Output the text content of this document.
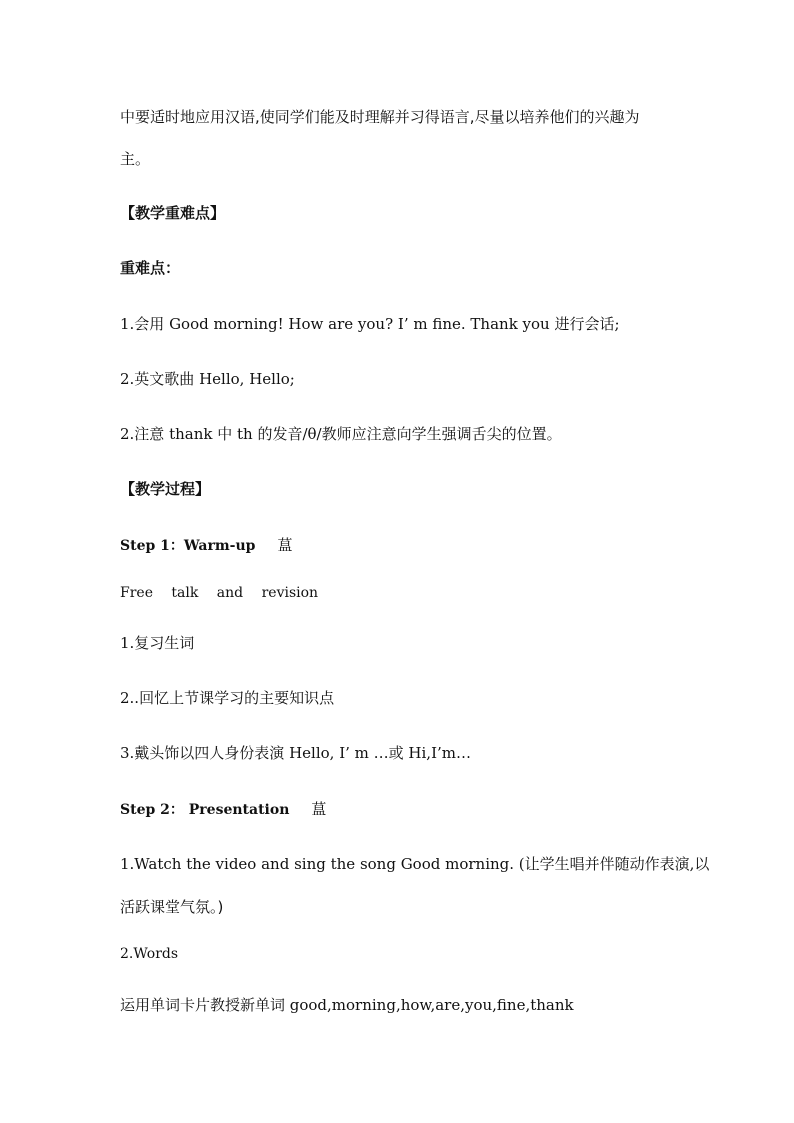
中要适时地应用汉语,使同学们能及时理解并习得语言,尽量以培养他们的兴趣为
主。
【教学重难点】
重难点：
1.会用 Good morning! How are you? I’ m fine. Thank you 进行会话;
2.英文歌曲 Hello, Hello;
2.注意 thank 中 th 的发音/θ/教师应注意向学生强调舌尖的位置。
【教学过程】
Step 1：Warm-up 蒀
Free talk and revision
1.复习生词
2..回忆上节课学习的主要知识点
3.戴头饰以四人身份表演 Hello, I’ m …或 Hi,I’m…
Step 2： Presentation 蒀
1.Watch the video and sing the song Good morning. (让学生唱并伴随动作表演,以
活跃课堂气氛。)
2.Words
运用单词卡片教授新单词 good,morning,how,are,you,fine,thank
